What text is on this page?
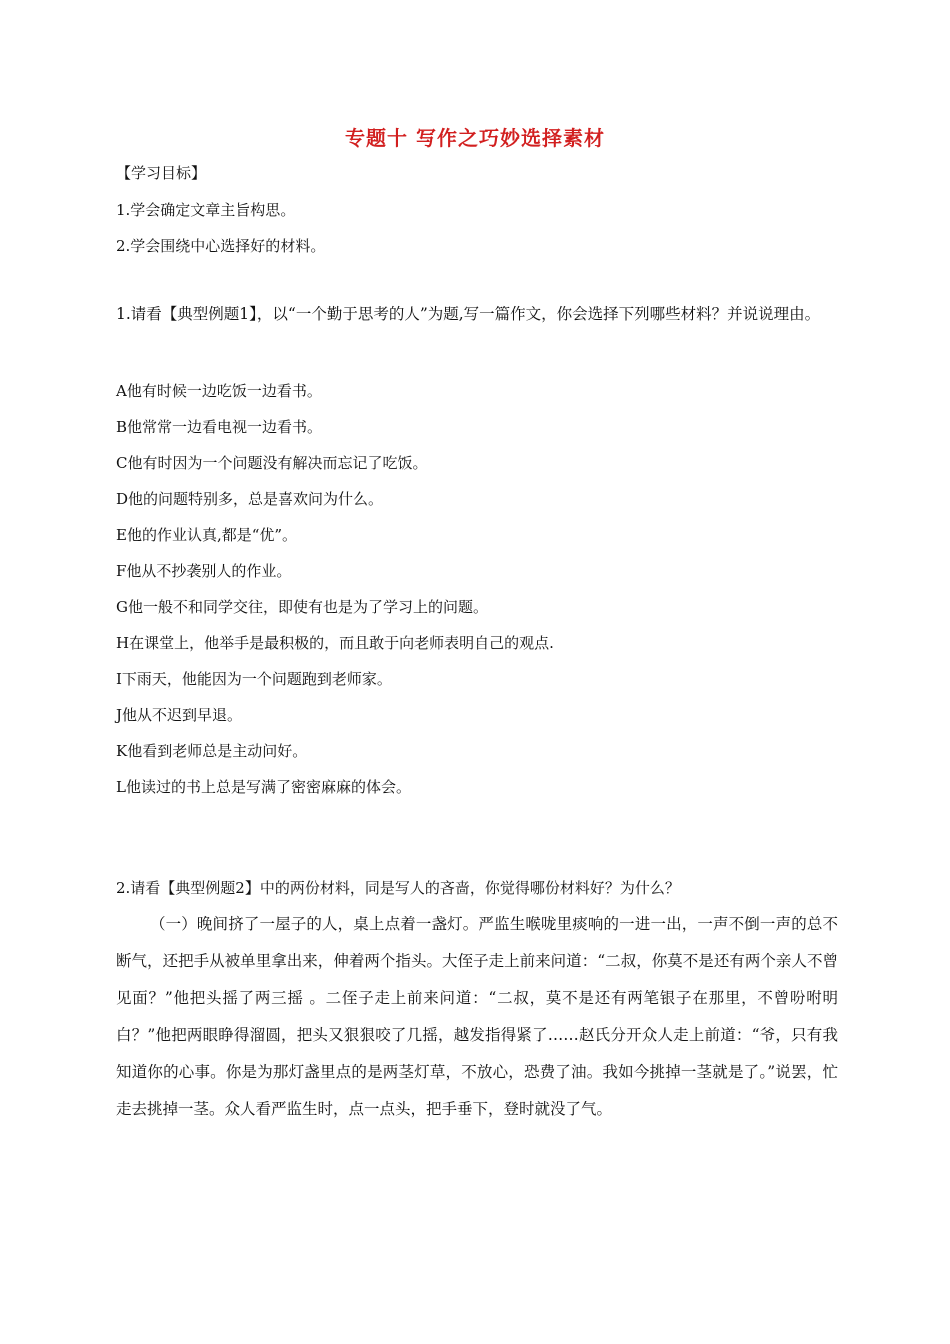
专题十 写作之巧妙选择素材
【学习目标】
1.学会确定文章主旨构思。
2.学会围绕中心选择好的材料。
1.请看【典型例题1】，以“一个勤于思考的人”为题,写一篇作文，你会选择下列哪些材料？并说说理由。
A他有时候一边吃饭一边看书。
B他常常一边看电视一边看书。
C他有时因为一个问题没有解决而忘记了吃饭。
D他的问题特别多，总是喜欢问为什么。
E他的作业认真,都是“优”。
F他从不抄袭别人的作业。
G他一般不和同学交往，即使有也是为了学习上的问题。
H在课堂上，他举手是最积极的，而且敢于向老师表明自己的观点.
I下雨天，他能因为一个问题跑到老师家。
J他从不迟到早退。
K他看到老师总是主动问好。
L他读过的书上总是写满了密密麻麻的体会。
2.请看【典型例题2】中的两份材料，同是写人的吝啬，你觉得哪份材料好？为什么？
（一）晚间挤了一屋子的人，桌上点着一盏灯。严监生喉咙里痰响的一进一出，一声不倒一声的总不断气，还把手从被单里拿出来，伸着两个指头。大侄子走上前来问道：“二叔，你莫不是还有两个亲人不曾见面？”他把头摇了两三摇 。二侄子走上前来问道：“二叔，莫不是还有两笔银子在那里，不曾吩咐明白？”他把两眼睁得溜圆，把头又狠狠咬了几摇，越发指得紧了……赵氏分开众人走上前道：“爷，只有我知道你的心事。你是为那灯盏里点的是两茎灯草，不放心，恐费了油。我如今挑掉一茎就是了。”说罢，忙走去挑掉一茎。众人看严监生时，点一点头，把手垂下，登时就没了气。
